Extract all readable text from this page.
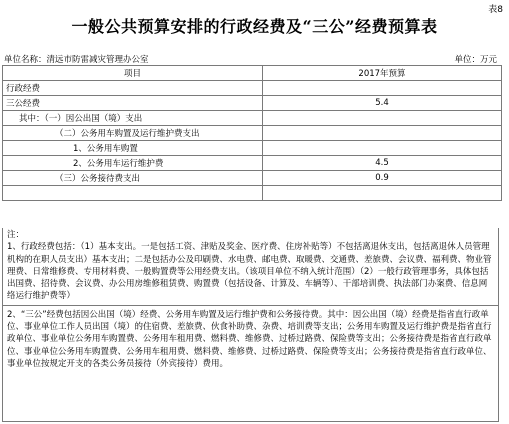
表8
一般公共预算安排的行政经费及“三公”经费预算表
单位名称：清远市防雷减灾管理办公室	单位：万元
项目	2017年预算
行政经费	
三公经费	5.4
其中：（一）因公出国（境）支出	
（二）公务用车购置及运行维护费支出	
1、公务用车购置	
2、公务用车运行维护费	4.5
（三）公务接待费支出	0.9

注：

1、行政经费包括：（1）基本支出。一是包括工资、津贴及奖金、医疗费、住房补贴等）不包括离退休支出，包括离退休人员管理机构的在职人员支出）基本支出；二是包括办公及印刷费、水电费、邮电费、取暖费、交通费、差旅费、会议费、福利费、物业管理费、日常维修费、专用材料费、一般购置费等公用经费支出。（该项目单位不纳入统计范围）（2）一般行政管理事务，具体包括出国费、招待费、会议费、办公用房维修租赁费、购置费（包括设备、计算及、车辆等）、干部培训费、执法部门办案费、信息网络运行维护费等）

2、“三公”经费包括因公出国（境）经费、公务用车购置及运行维护费和公务接待费。其中：因公出国（境）经费是指省直行政单位、事业单位工作人员出国（境）的住宿费、差旅费、伙食补助费、杂费、培训费等支出；公务用车购置及运行维护费是指省直行政单位、事业单位公务用车购置费、公务用车租用费、燃料费、维修费、过桥过路费、保险费等支出；公务接待费是指省直行政单位、事业单位公务用车购置费、公务用车租用费、燃料费、维修费、过桥过路费、保险费等支出；公务接待费是指省直行政单位、事业单位按规定开支的各类公务员接待（外宾接待）费用。
